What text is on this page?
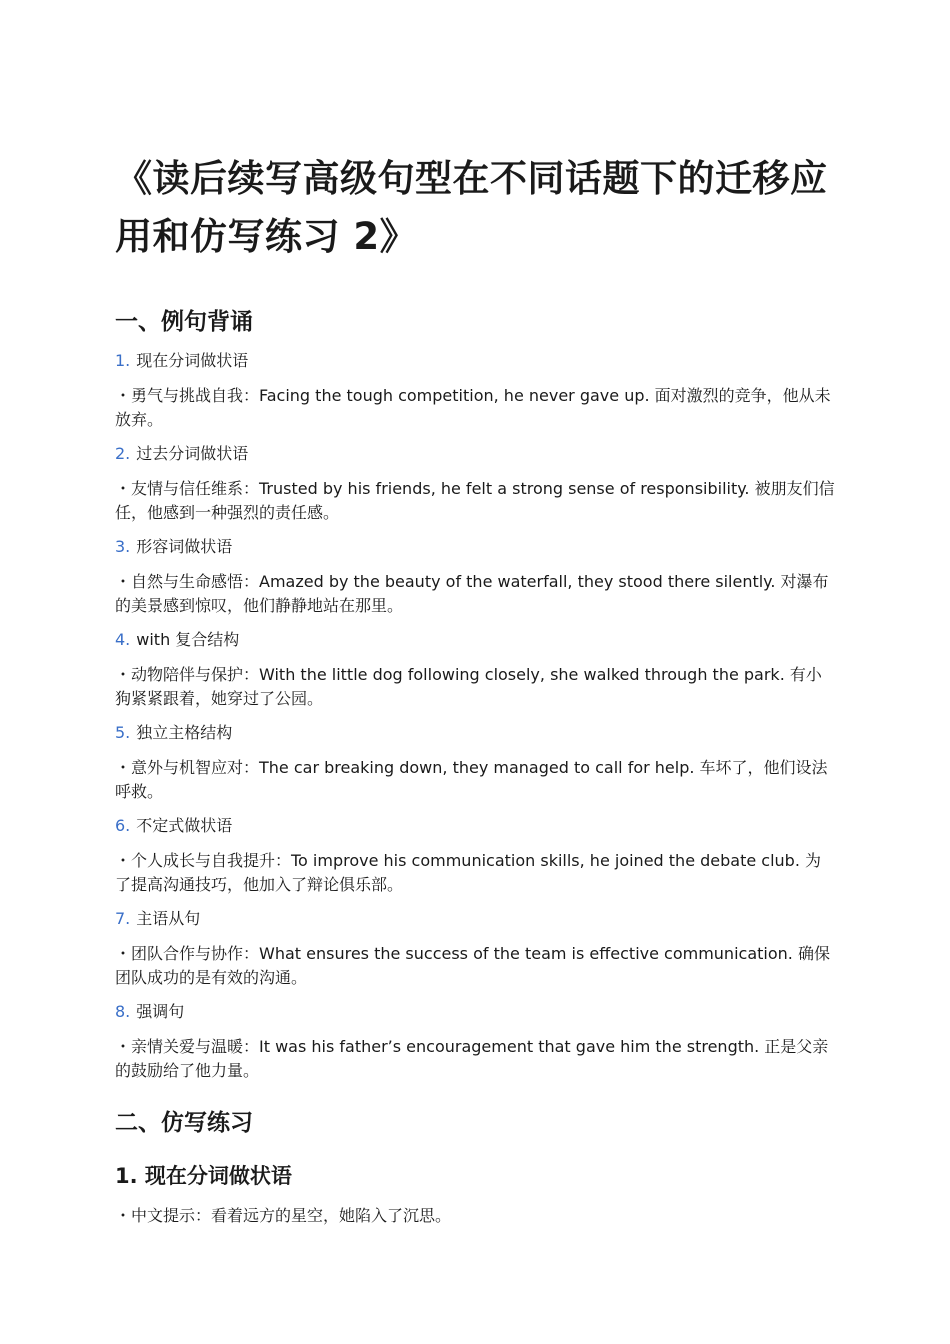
《读后续写高级句型在不同话题下的迁移应用和仿写练习 2》
一、例句背诵

1. 现在分词做状语

・勇气与挑战自我：Facing the tough competition, he never gave up. 面对激烈的竞争，他从未放弃。

2. 过去分词做状语

・友情与信任维系：Trusted by his friends, he felt a strong sense of responsibility. 被朋友们信任，他感到一种强烈的责任感。

3. 形容词做状语

・自然与生命感悟：Amazed by the beauty of the waterfall, they stood there silently. 对瀑布的美景感到惊叹，他们静静地站在那里。

4. with 复合结构

・动物陪伴与保护：With the little dog following closely, she walked through the park. 有小狗紧紧跟着，她穿过了公园。

5. 独立主格结构

・意外与机智应对：The car breaking down, they managed to call for help. 车坏了，他们设法呼救。

6. 不定式做状语

・个人成长与自我提升：To improve his communication skills, he joined the debate club. 为了提高沟通技巧，他加入了辩论俱乐部。

7. 主语从句

・团队合作与协作：What ensures the success of the team is effective communication. 确保团队成功的是有效的沟通。

8. 强调句

・亲情关爱与温暖：It was his father’s encouragement that gave him the strength. 正是父亲的鼓励给了他力量。

二、仿写练习
1. 现在分词做状语

・中文提示：看着远方的星空，她陷入了沉思。
